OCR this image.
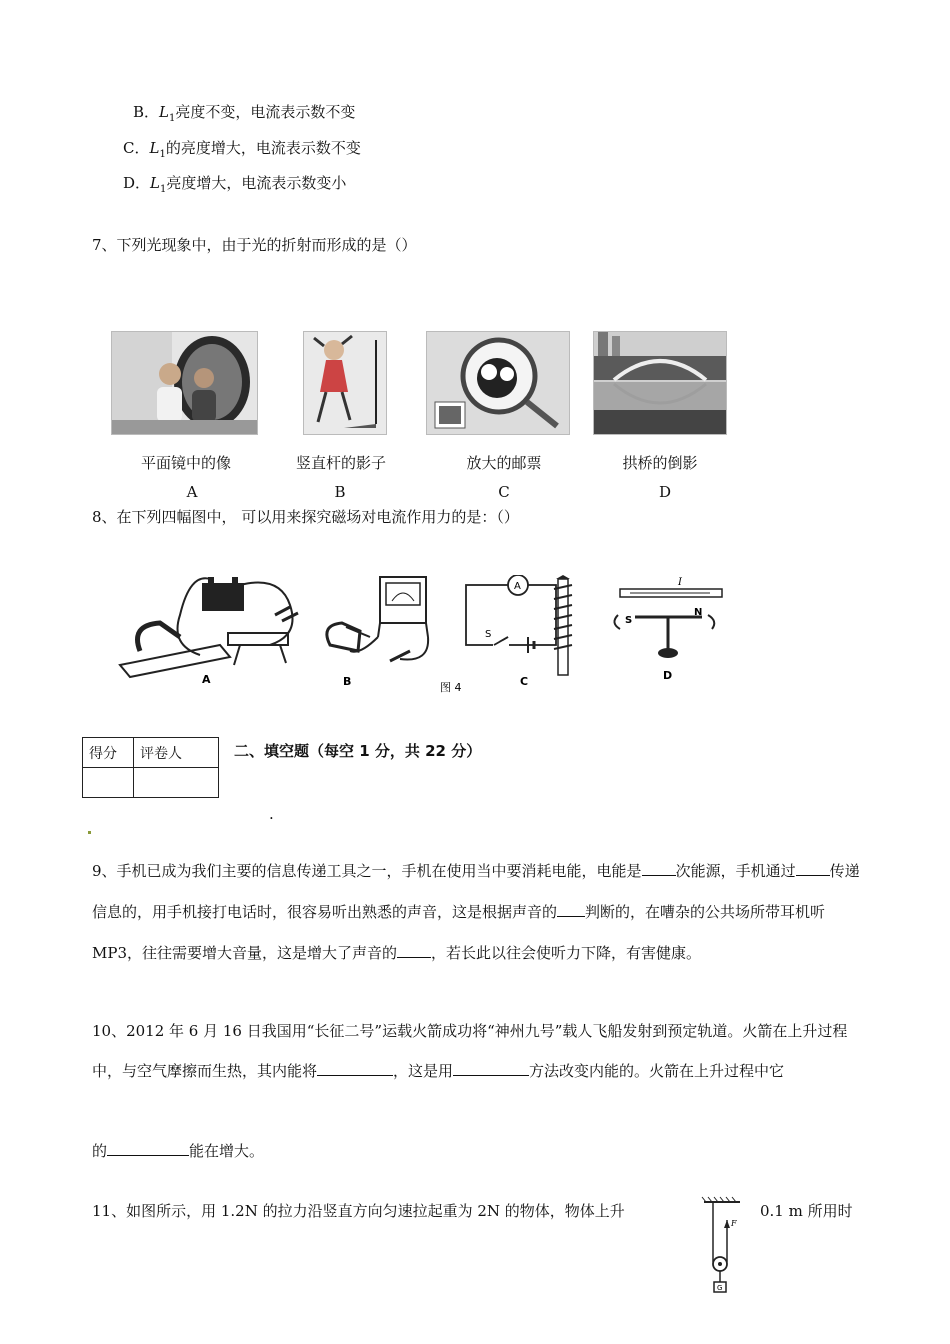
B．$L_1$亮度不变，电流表示数不变
C．$L_1$的亮度增大，电流表示数不变
D．$L_1$亮度增大，电流表示数变小
7、下列光现象中，由于光的折射而形成的是（）
平面镜中的像	竖直杆的影子	放大的邮票	拱桥的倒影
A	B	C	D
8、在下列四幅图中， 可以用来探究磁场对电流作用力的是：（）
A	B	图 4
A
S
C
I
S
N
D
得分	评卷人
		二、填空题（每空 1 分，共 22 分）
.
9、手机已成为我们主要的信息传递工具之一，手机在使用当中要消耗电能，电能是 次能源，手机通过 传递信息的，用手机接打电话时，很容易听出熟悉的声音，这是根据声音的 判断的，在嘈杂的公共场所带耳机听 MP3，往往需要增大音量，这是增大了声音的 ，若长此以往会使听力下降，有害健康。
10、2012 年 6 月 16 日我国用“长征二号”运载火箭成功将“神州九号”载人飞船发射到预定轨道。火箭在上升过程中，与空气摩擦而生热，其内能将	，这是用	方法改变内能的。火箭在上升过程中它
的	能在增大。
11、如图所示，用 1.2N 的拉力沿竖直方向匀速拉起重为 2N 的物体，物体上升	0.1 m 所用时
F
G
